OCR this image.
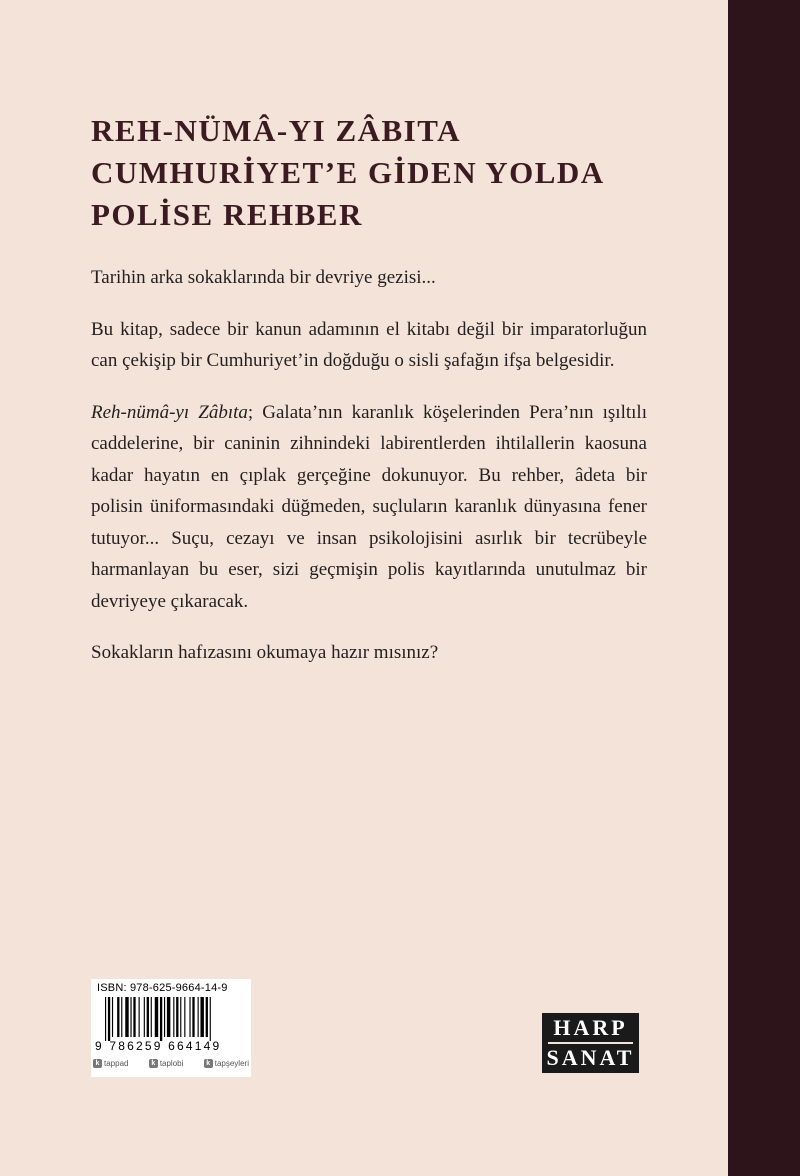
REH-NÜMÂ-YI ZÂBITA
CUMHURİYET’E GİDEN YOLDA
POLİSE REHBER

Tarihin arka sokaklarında bir devriye gezisi...

Bu kitap, sadece bir kanun adamının el kitabı değil bir imparatorluğun can çekişip bir Cumhuriyet’in doğduğu o sisli şafağın ifşa belgesidir.

Reh-nümâ-yı Zâbıta; Galata’nın karanlık köşelerinden Pera’nın ışıltılı caddelerine, bir caninin zihnindeki labirentlerden ihtilallerin kaosuna kadar hayatın en çıplak gerçeğine dokunuyor. Bu rehber, âdeta bir polisin üniformasındaki düğmeden, suçluların karanlık dünyasına fener tutuyor... Suçu, cezayı ve insan psikolojisini asırlık bir tecrübeyle harmanlayan bu eser, sizi geçmişin polis kayıtlarında unutulmaz bir devriyeye çıkaracak.

Sokakların hafızasını okumaya hazır mısınız?

ISBN: 978-625-9664-14-9
9 786259 664149
k tappad	k taplobi	k tapşeyleri
HARP
SANAT
